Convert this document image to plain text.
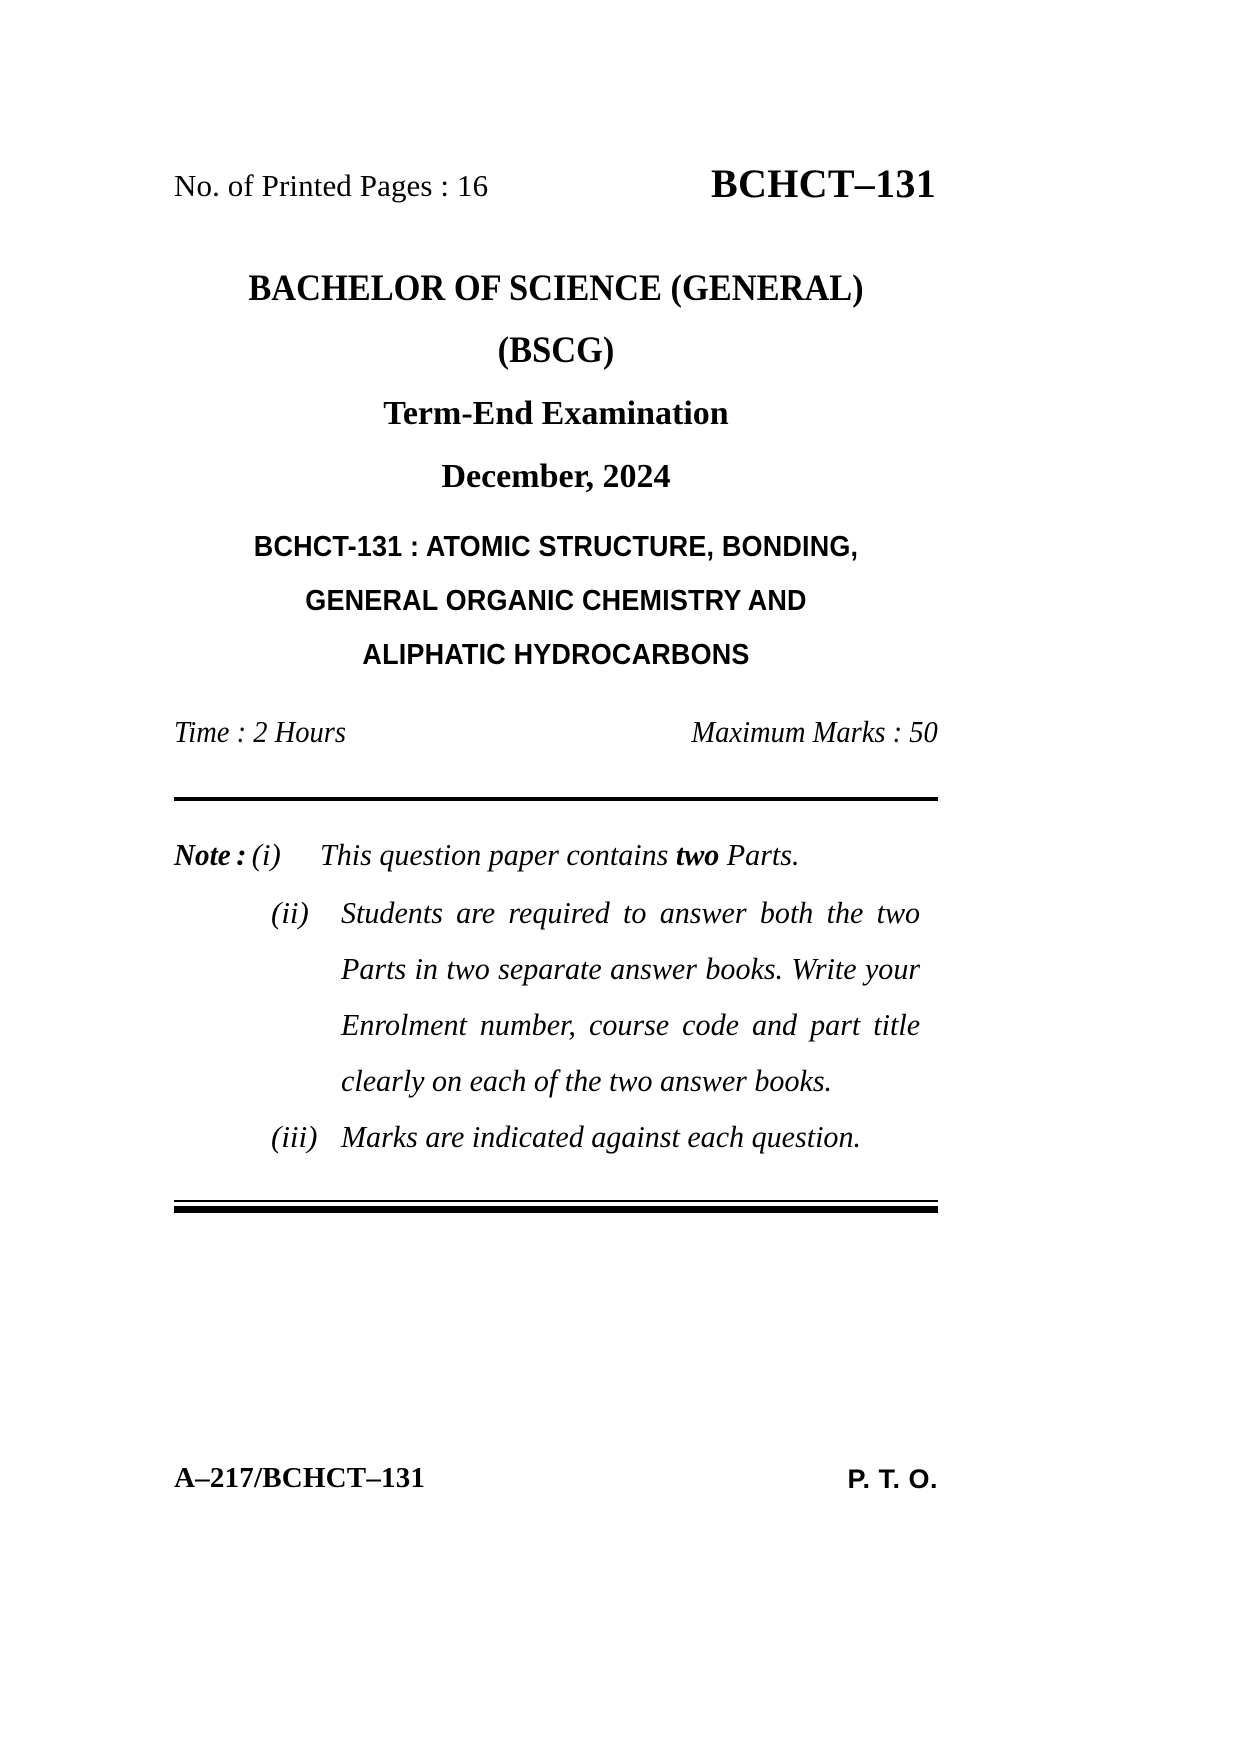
No. of Printed Pages : 16	BCHCT–131
BACHELOR OF SCIENCE (GENERAL)
(BSCG)
Term-End Examination
December, 2024
BCHCT-131 : ATOMIC STRUCTURE, BONDING,
GENERAL ORGANIC CHEMISTRY AND
ALIPHATIC HYDROCARBONS
Time : 2 Hours	Maximum Marks : 50
Note : (i)	This question paper contains two Parts.
(ii)	Students are required to answer both the two Parts in two separate answer books. Write your Enrolment number, course code and part title clearly on each of the two answer books.
(iii) Marks are indicated against each question.
A–217/BCHCT–131	P. T. O.
